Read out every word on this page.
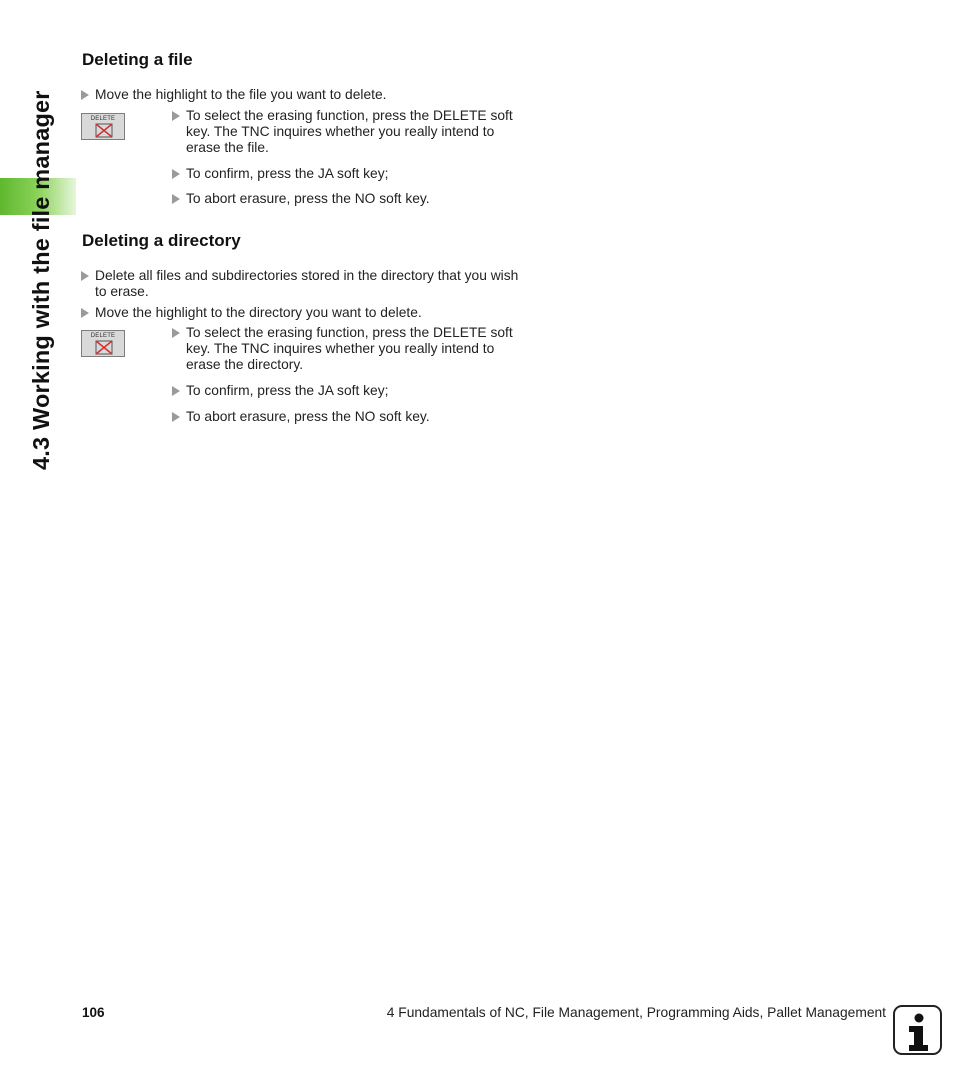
4.3 Working with the file manager
Deleting a file
Move the highlight to the file you want to delete.
DELETE	To select the erasing function, press the DELETE soft key. The TNC inquires whether you really intend to erase the file.
To confirm, press the JA soft key;
To abort erasure, press the NO soft key.
Deleting a directory
Delete all files and subdirectories stored in the directory that you wish to erase.
Move the highlight to the directory you want to delete.
DELETE	To select the erasing function, press the DELETE soft key. The TNC inquires whether you really intend to erase the directory.
To confirm, press the JA soft key;
To abort erasure, press the NO soft key.
106	4 Fundamentals of NC, File Management, Programming Aids, Pallet Management
